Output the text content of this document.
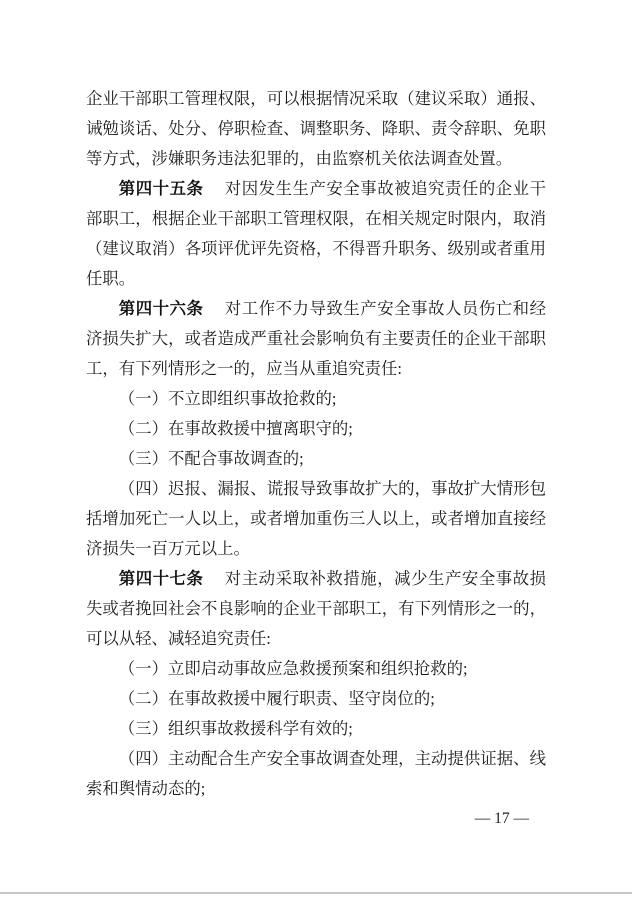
企业干部职工管理权限，可以根据情况采取（建议采取）通报、诫勉谈话、处分、停职检查、调整职务、降职、责令辞职、免职等方式，涉嫌职务违法犯罪的，由监察机关依法调查处置。

第四十五条 对因发生生产安全事故被追究责任的企业干部职工，根据企业干部职工管理权限，在相关规定时限内，取消（建议取消）各项评优评先资格，不得晋升职务、级别或者重用任职。

第四十六条 对工作不力导致生产安全事故人员伤亡和经济损失扩大，或者造成严重社会影响负有主要责任的企业干部职工，有下列情形之一的，应当从重追究责任:

（一）不立即组织事故抢救的;

（二）在事故救援中擅离职守的;

（三）不配合事故调查的;

（四）迟报、漏报、谎报导致事故扩大的，事故扩大情形包括增加死亡一人以上，或者增加重伤三人以上，或者增加直接经济损失一百万元以上。

第四十七条 对主动采取补救措施，减少生产安全事故损失或者挽回社会不良影响的企业干部职工，有下列情形之一的，可以从轻、减轻追究责任:

（一）立即启动事故应急救援预案和组织抢救的;

（二）在事故救援中履行职责、坚守岗位的;

（三）组织事故救援科学有效的;

（四）主动配合生产安全事故调查处理，主动提供证据、线索和舆情动态的;

— 17 —
